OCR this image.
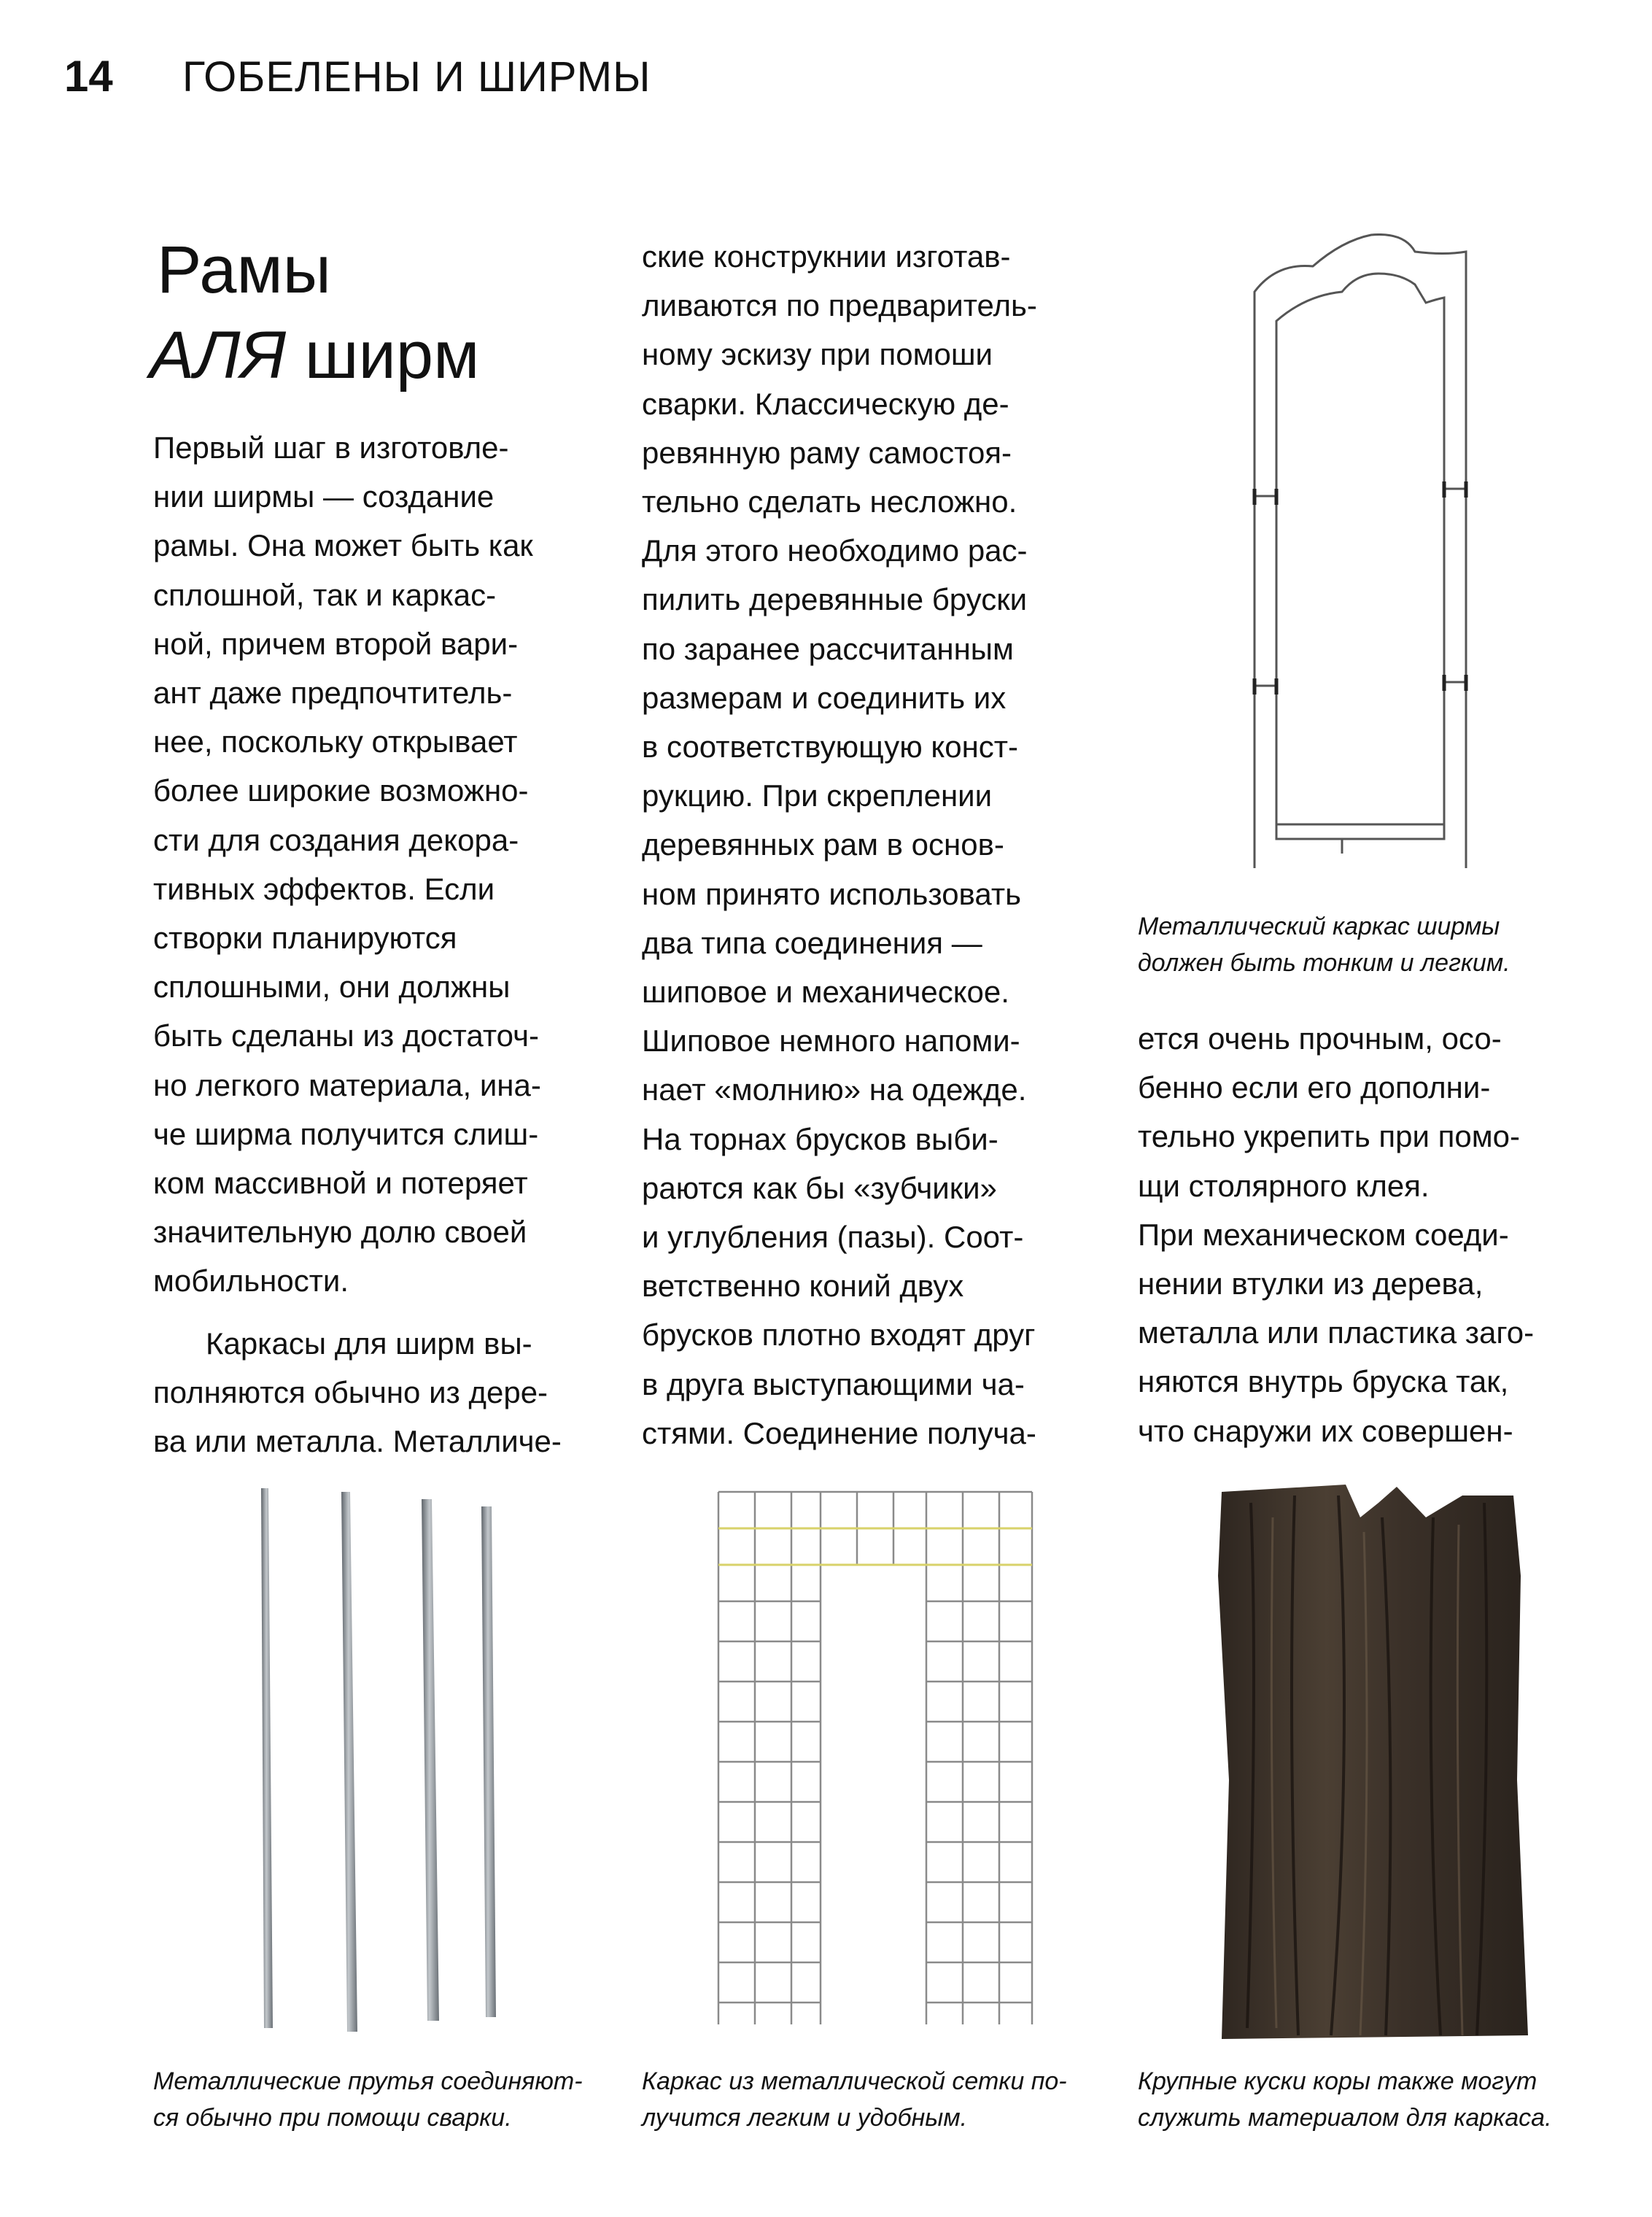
14 ГОБЕЛЕНЫ И ШИРМЫ
Рамы
АЛЯ ширм

Первый шаг в изготовле-
нии ширмы — создание
рамы. Она может быть как
сплошной, так и каркас-
ной, причем второй вари-
ант даже предпочтитель-
нее, поскольку открывает
более широкие возможно-
сти для создания декора-
тивных эффектов. Если
створки планируются
сплошными, они должны
быть сделаны из достаточ-
но легкого материала, ина-
че ширма получится слиш-
ком массивной и потеряет
значительную долю своей
мобильности.

Каркасы для ширм вы-
полняются обычно из дере-
ва или металла. Металличе-

ские конструкнии изготав-
ливаются по предваритель-
ному эскизу при помоши
сварки. Классическую де-
ревянную раму самостоя-
тельно сделать несложно.
Для этого необходимо рас-
пилить деревянные бруски
по заранее рассчитанным
размерам и соединить их
в соответствующую конст-
рукцию. При скреплении
деревянных рам в основ-
ном принято использовать
два типа соединения —
шиповое и механическое.
Шиповое немного напоми-
нает «молнию» на одежде.
На торнах брусков выби-
раются как бы «зубчики»
и углубления (пазы). Соот-
ветственно коний двух
брусков плотно входят друг
в друга выступающими ча-
стями. Соединение получа-

Металлический каркас ширмы
должен быть тонким и легким.

ется очень прочным, осо-
бенно если его дополни-
тельно укрепить при помо-
щи столярного клея.

При механическом соеди-
нении втулки из дерева,
металла или пластика заго-
няются внутрь бруска так,
что снаружи их совершен-

Металлические прутья соединяют-
ся обычно при помощи сварки.
Каркас из металлической сетки по-
лучится легким и удобным.
Крупные куски коры также могут
служить материалом для каркаса.
